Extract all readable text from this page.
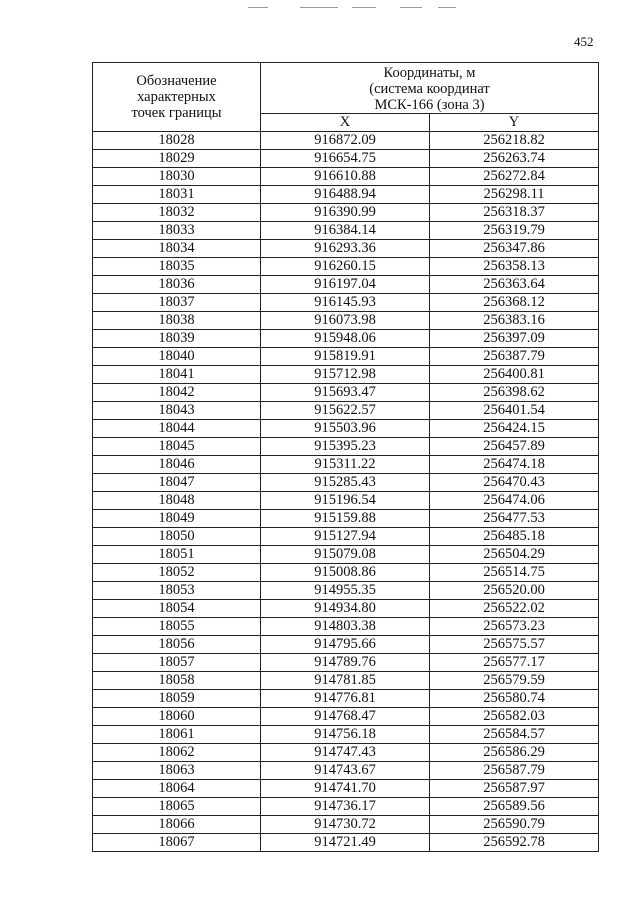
452
Обозначение
характерных
точек границы	Координаты, м
(система координат
МСК-166 (зона 3)	

	X	Y
18028	916872.09	256218.82
18029	916654.75	256263.74
18030	916610.88	256272.84
18031	916488.94	256298.11
18032	916390.99	256318.37
18033	916384.14	256319.79
18034	916293.36	256347.86
18035	916260.15	256358.13
18036	916197.04	256363.64
18037	916145.93	256368.12
18038	916073.98	256383.16
18039	915948.06	256397.09
18040	915819.91	256387.79
18041	915712.98	256400.81
18042	915693.47	256398.62
18043	915622.57	256401.54
18044	915503.96	256424.15
18045	915395.23	256457.89
18046	915311.22	256474.18
18047	915285.43	256470.43
18048	915196.54	256474.06
18049	915159.88	256477.53
18050	915127.94	256485.18
18051	915079.08	256504.29
18052	915008.86	256514.75
18053	914955.35	256520.00
18054	914934.80	256522.02
18055	914803.38	256573.23
18056	914795.66	256575.57
18057	914789.76	256577.17
18058	914781.85	256579.59
18059	914776.81	256580.74
18060	914768.47	256582.03
18061	914756.18	256584.57
18062	914747.43	256586.29
18063	914743.67	256587.79
18064	914741.70	256587.97
18065	914736.17	256589.56
18066	914730.72	256590.79
18067	914721.49	256592.78
